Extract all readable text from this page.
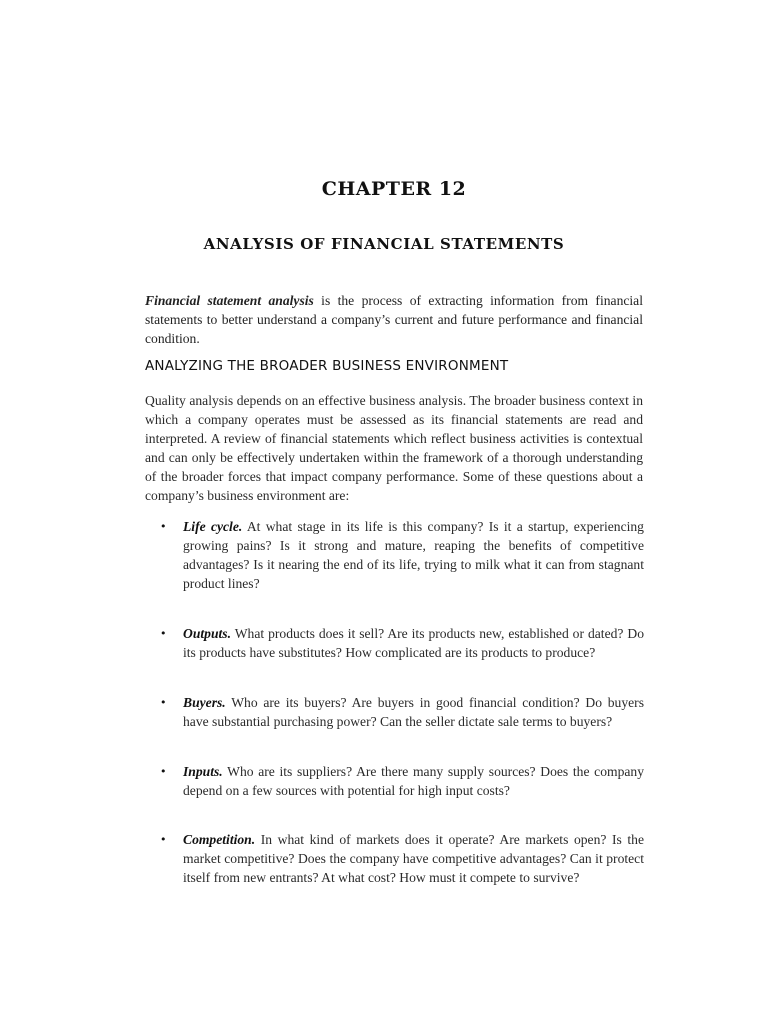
CHAPTER 12
ANALYSIS OF FINANCIAL STATEMENTS

Financial statement analysis is the process of extracting information from financial statements to better understand a company’s current and future performance and financial condition.

ANALYZING THE BROADER BUSINESS ENVIRONMENT

Quality analysis depends on an effective business analysis. The broader business context in which a company operates must be assessed as its financial statements are read and interpreted. A review of financial statements which reflect business activities is contextual and can only be effectively undertaken within the framework of a thorough understanding of the broader forces that impact company performance. Some of these questions about a company’s business environment are:

• Life cycle. At what stage in its life is this company? Is it a startup, experiencing growing pains? Is it strong and mature, reaping the benefits of competitive advantages? Is it nearing the end of its life, trying to milk what it can from stagnant product lines?
• Outputs. What products does it sell? Are its products new, established or dated? Do its products have substitutes? How complicated are its products to produce?
• Buyers. Who are its buyers? Are buyers in good financial condition? Do buyers have substantial purchasing power? Can the seller dictate sale terms to buyers?
• Inputs. Who are its suppliers? Are there many supply sources? Does the company depend on a few sources with potential for high input costs?
• Competition. In what kind of markets does it operate? Are markets open? Is the market competitive? Does the company have competitive advantages? Can it protect itself from new entrants? At what cost? How must it compete to survive?
